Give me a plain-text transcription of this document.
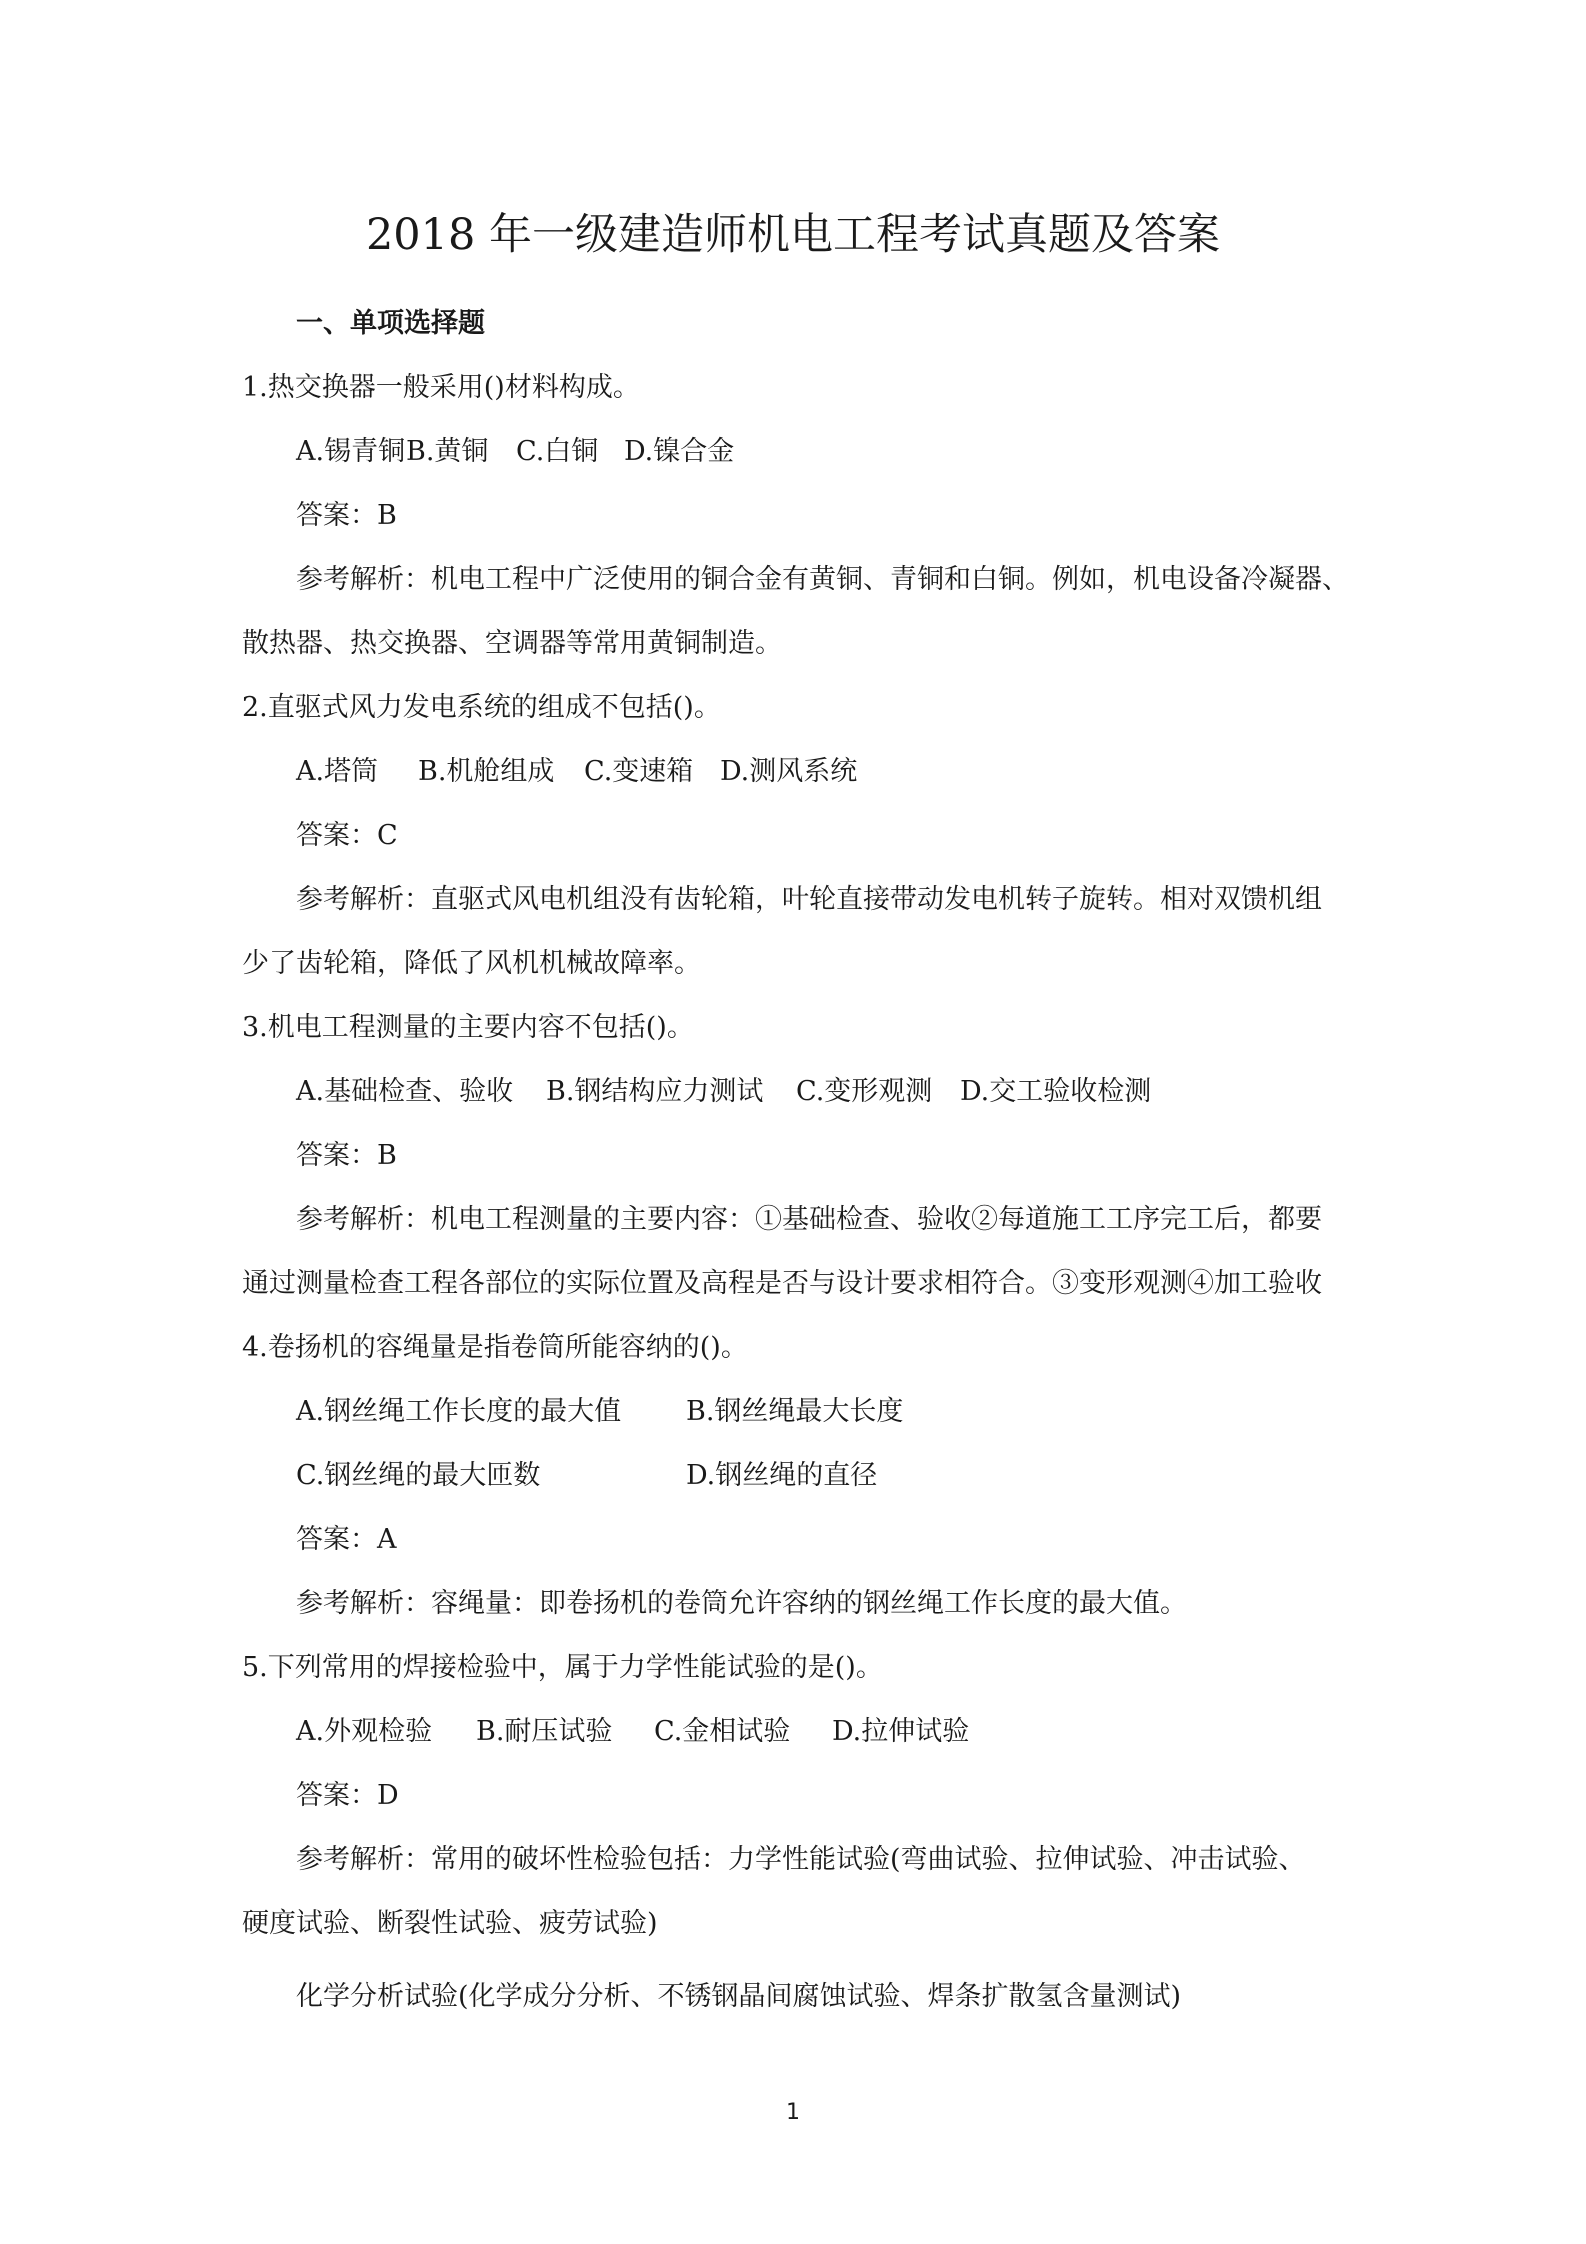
2018 年一级建造师机电工程考试真题及答案
一、单项选择题
1.热交换器一般采用()材料构成。
A.锡青铜B.黄铜 C.白铜 D.镍合金
答案：B
参考解析：机电工程中广泛使用的铜合金有黄铜、青铜和白铜。例如，机电设备冷凝器、
散热器、热交换器、空调器等常用黄铜制造。
2.直驱式风力发电系统的组成不包括()。
A.塔筒 B.机舱组成 C.变速箱 D.测风系统
答案：C
参考解析：直驱式风电机组没有齿轮箱，叶轮直接带动发电机转子旋转。相对双馈机组
少了齿轮箱，降低了风机机械故障率。
3.机电工程测量的主要内容不包括()。
A.基础检查、验收 B.钢结构应力测试 C.变形观测 D.交工验收检测
答案：B
参考解析：机电工程测量的主要内容：①基础检查、验收②每道施工工序完工后，都要
通过测量检查工程各部位的实际位置及高程是否与设计要求相符合。③变形观测④加工验收
4.卷扬机的容绳量是指卷筒所能容纳的()。
A.钢丝绳工作长度的最大值 B.钢丝绳最大长度
C.钢丝绳的最大匝数	D.钢丝绳的直径
答案：A
参考解析：容绳量：即卷扬机的卷筒允许容纳的钢丝绳工作长度的最大值。
5.下列常用的焊接检验中，属于力学性能试验的是()。
A.外观检验 B.耐压试验 C.金相试验 D.拉伸试验
答案：D
参考解析：常用的破坏性检验包括：力学性能试验(弯曲试验、拉伸试验、冲击试验、
硬度试验、断裂性试验、疲劳试验)
化学分析试验(化学成分分析、不锈钢晶间腐蚀试验、焊条扩散氢含量测试)
1
